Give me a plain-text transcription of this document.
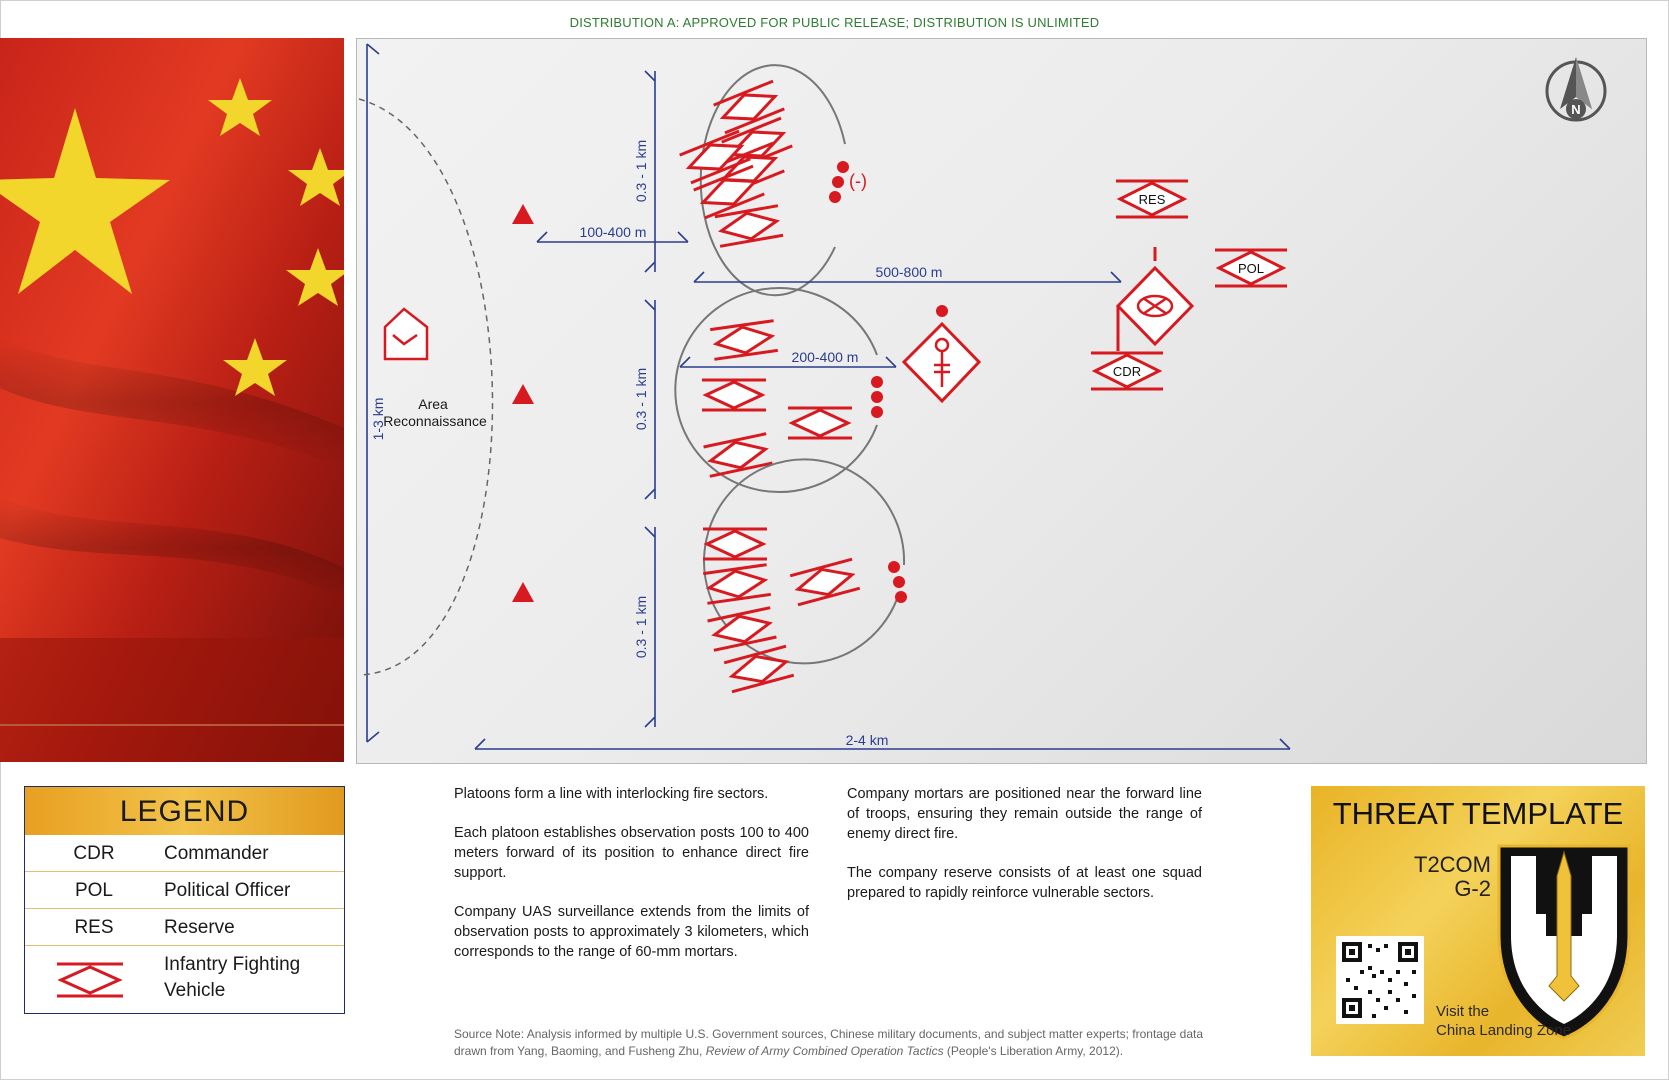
DISTRIBUTION A: APPROVED FOR PUBLIC RELEASE; DISTRIBUTION IS UNLIMITED
1-3 km	Area Reconnaissance
0.3 - 1 km
0.3 - 1 km
0.3 - 1 km
100-400 m
(-)
500-800 m
200-400 m
RES
POL
CDR
2-4 km
N
LEGEND
CDR	Commander
POL	Political Officer
RES	Reserve
Infantry Fighting
Vehicle

Platoons form a line with interlocking fire sectors.

Each platoon establishes observation posts 100 to 400 meters forward of its position to enhance direct fire support.

Company UAS surveillance extends from the limits of observation posts to approximately 3 kilometers, which corresponds to the range of 60-mm mortars.

Company mortars are positioned near the forward line of troops, ensuring they remain outside the range of enemy direct fire.

The company reserve consists of at least one squad prepared to rapidly reinforce vulnerable sectors.

Source Note: Analysis informed by multiple U.S. Government sources, Chinese military documents, and subject matter experts; frontage data drawn from Yang, Baoming, and Fusheng Zhu, Review of Army Combined Operation Tactics (People's Liberation Army, 2012).
THREAT TEMPLATE
T2COM
G-2
Visit the
China Landing Zone
